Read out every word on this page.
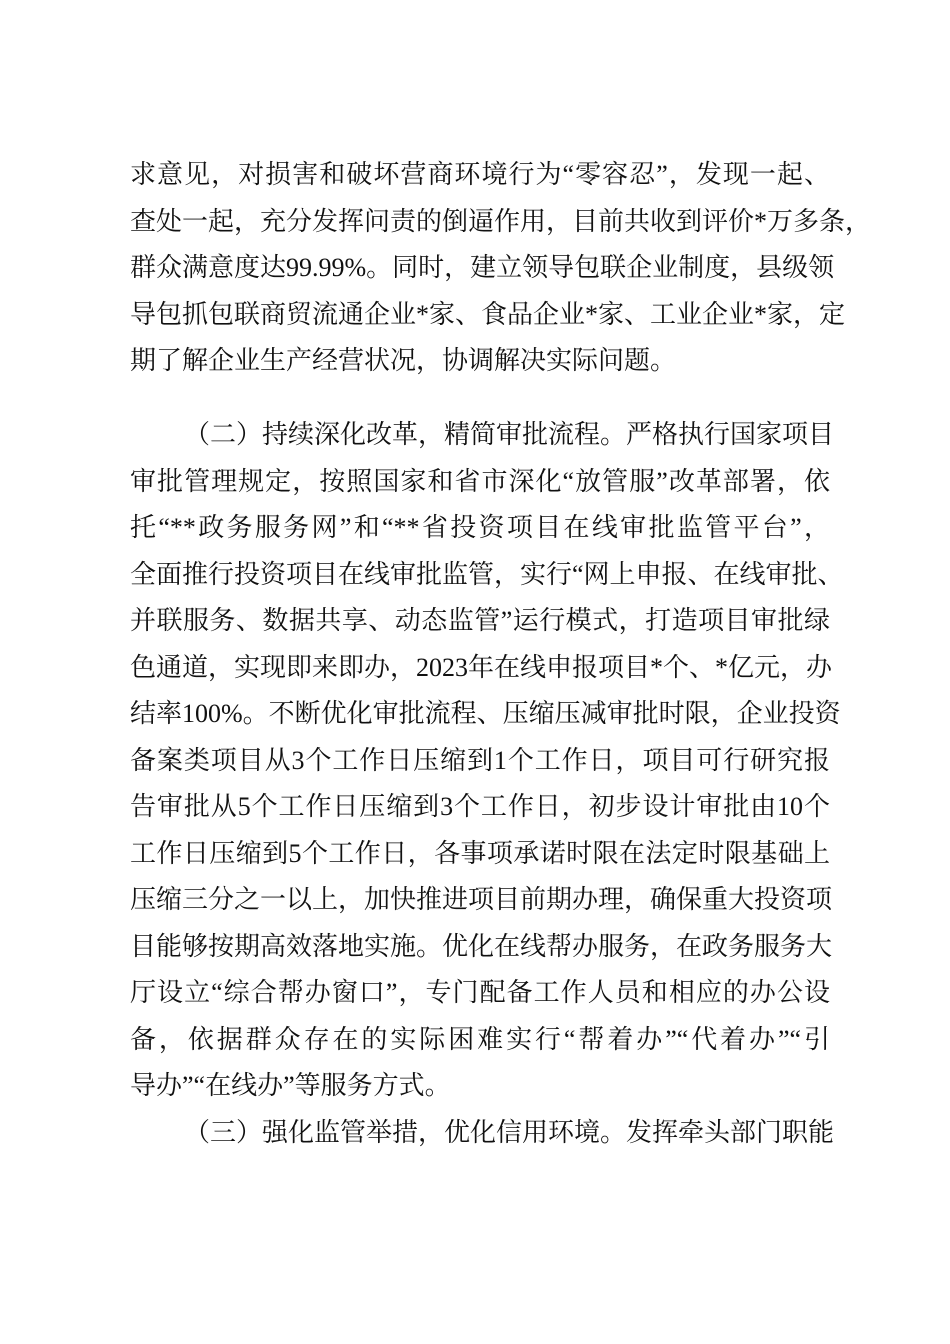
求意见，对损害和破坏营商环境行为“零容忍”，发现一起、
查处一起，充分发挥问责的倒逼作用，目前共收到评价*万多条，
群众满意度达99.99%。同时，建立领导包联企业制度，县级领
导包抓包联商贸流通企业*家、食品企业*家、工业企业*家，定
期了解企业生产经营状况，协调解决实际问题。
（二）持续深化改革，精简审批流程。严格执行国家项目
审批管理规定，按照国家和省市深化“放管服”改革部署，依
托“**政务服务网”和“**省投资项目在线审批监管平台”，
全面推行投资项目在线审批监管，实行“网上申报、在线审批、
并联服务、数据共享、动态监管”运行模式，打造项目审批绿
色通道，实现即来即办，2023年在线申报项目*个、*亿元，办
结率100%。不断优化审批流程、压缩压减审批时限，企业投资
备案类项目从3个工作日压缩到1个工作日，项目可行研究报
告审批从5个工作日压缩到3个工作日，初步设计审批由10个
工作日压缩到5个工作日，各事项承诺时限在法定时限基础上
压缩三分之一以上，加快推进项目前期办理，确保重大投资项
目能够按期高效落地实施。优化在线帮办服务，在政务服务大
厅设立“综合帮办窗口”，专门配备工作人员和相应的办公设
备，依据群众存在的实际困难实行“帮着办”“代着办”“引
导办”“在线办”等服务方式。
（三）强化监管举措，优化信用环境。发挥牵头部门职能
